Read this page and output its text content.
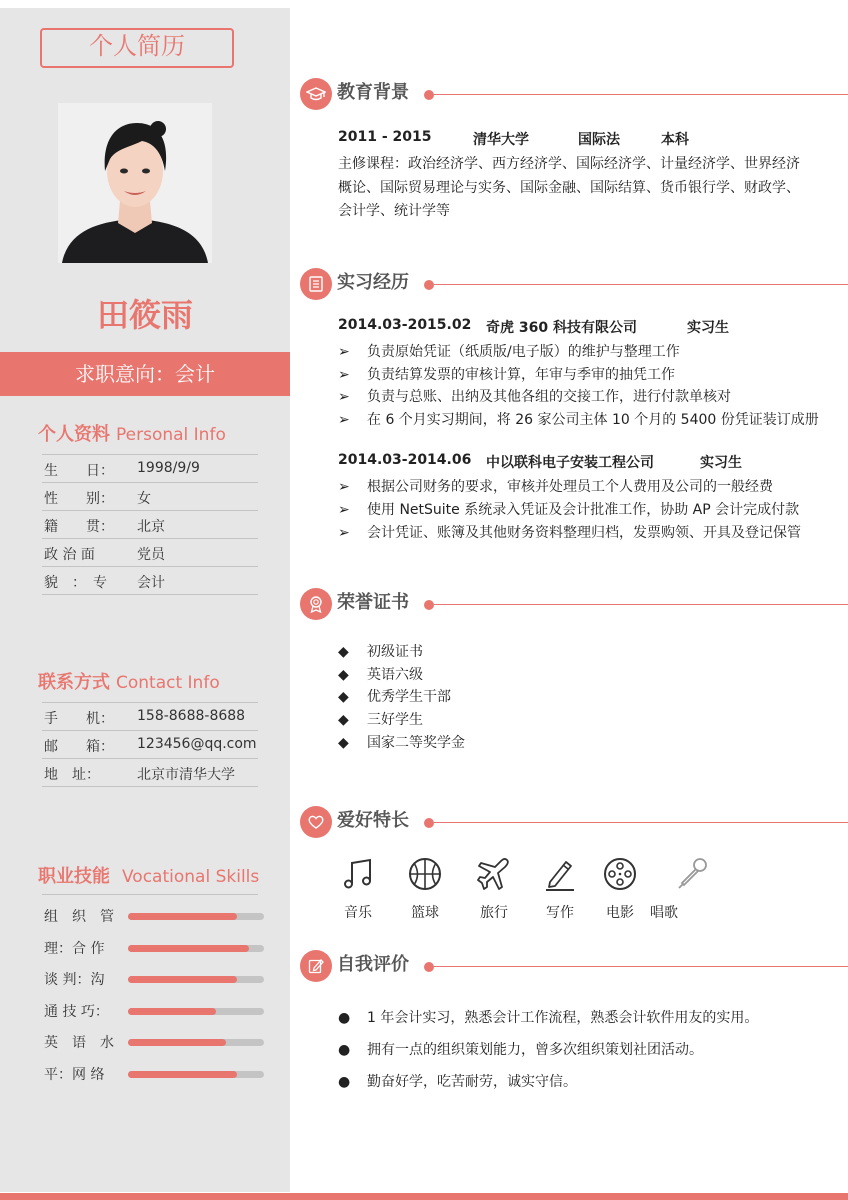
个人简历
田筱雨
求职意向：会计
个人资料 Personal Info
生　　日： 1998/9/9
性　　别： 女
籍　　贯： 北京
政 治 面	党员
貌　：　专	会计
联系方式 Contact Info
手　　机： 158-8688-8688
邮　　箱： 123456@qq.com
地　址：	北京市清华大学
职业技能 Vocational Skills
组　织　管
理：合 作
谈 判：沟
通 技 巧：
英　语　水
平：网 络
教育背景
2011 - 2015	清华大学	国际法	本科
主修课程：政治经济学、西方经济学、国际经济学、计量经济学、世界经济
概论、国际贸易理论与实务、国际金融、国际结算、货币银行学、财政学、
会计学、统计学等
实习经历
2014.03-2015.02 奇虎 360 科技有限公司	实习生
➢ 负责原始凭证（纸质版/电子版）的维护与整理工作
➢ 负责结算发票的审核计算，年审与季审的抽凭工作
➢ 负责与总账、出纳及其他各组的交接工作，进行付款单核对
➢ 在 6 个月实习期间，将 26 家公司主体 10 个月的 5400 份凭证装订成册
2014.03-2014.06 中以联科电子安装工程公司	实习生
➢ 根据公司财务的要求，审核并处理员工个人费用及公司的一般经费
➢ 使用 NetSuite 系统录入凭证及会计批准工作，协助 AP 会计完成付款
➢ 会计凭证、账簿及其他财务资料整理归档，发票购领、开具及登记保管
荣誉证书
◆ 初级证书
◆ 英语六级
◆ 优秀学生干部
◆ 三好学生
◆ 国家二等奖学金
爱好特长
音乐	篮球	旅行	写作	电影	唱歌
自我评价
● 1 年会计实习，熟悉会计工作流程，熟悉会计软件用友的实用。
● 拥有一点的组织策划能力，曾多次组织策划社团活动。
● 勤奋好学，吃苦耐劳，诚实守信。
